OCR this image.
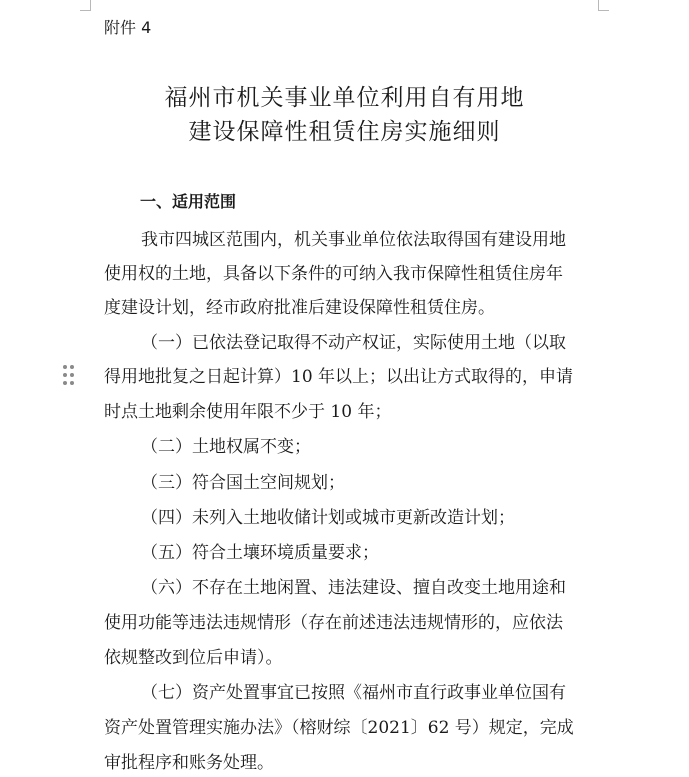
附件 4
福州市机关事业单位利用自有用地
建设保障性租赁住房实施细则
一、适用范围
我市四城区范围内，机关事业单位依法取得国有建设用地
使用权的土地，具备以下条件的可纳入我市保障性租赁住房年
度建设计划，经市政府批准后建设保障性租赁住房。
（一）已依法登记取得不动产权证，实际使用土地（以取
得用地批复之日起计算）10 年以上；以出让方式取得的，申请
时点土地剩余使用年限不少于 10 年；
（二）土地权属不变；
（三）符合国土空间规划；
（四）未列入土地收储计划或城市更新改造计划；
（五）符合土壤环境质量要求；
（六）不存在土地闲置、违法建设、擅自改变土地用途和
使用功能等违法违规情形（存在前述违法违规情形的，应依法
依规整改到位后申请）。
（七）资产处置事宜已按照《福州市直行政事业单位国有
资产处置管理实施办法》（榕财综〔2021〕62 号）规定，完成
审批程序和账务处理。
